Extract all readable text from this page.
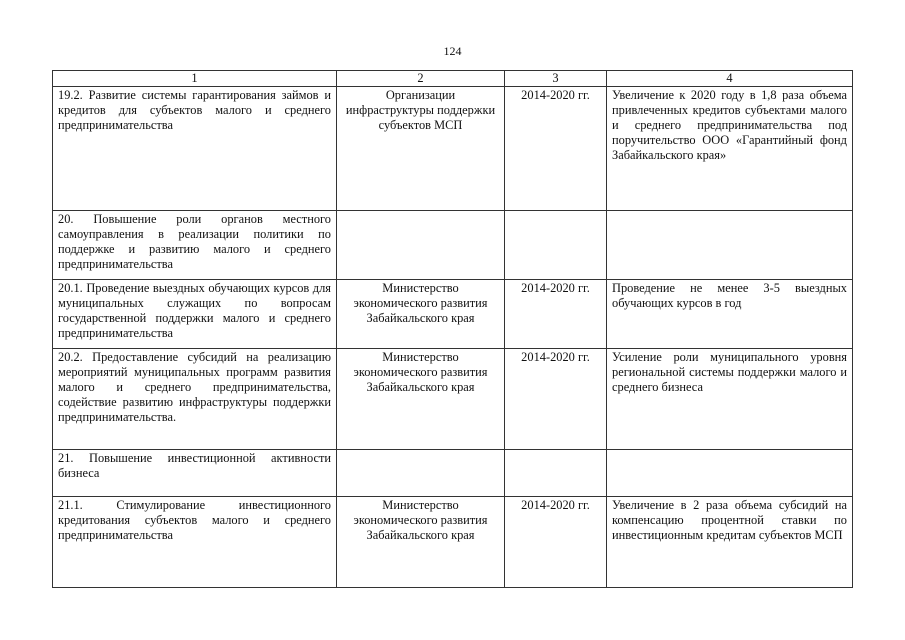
124
1	2	3	4
19.2. Развитие системы гарантирования займов и кредитов для субъектов малого и среднего предпринимательства	Организации инфраструктуры поддержки субъектов МСП	2014-2020 гг.	Увеличение к 2020 году в 1,8 раза объема привлеченных кредитов субъектами малого и среднего предпринимательства под поручительство ООО «Гарантийный фонд Забайкальского края»
20. Повышение роли органов местного самоуправления в реализации политики по поддержке и развитию малого и среднего предпринимательства			
20.1. Проведение выездных обучающих курсов для муниципальных служащих по вопросам государственной поддержки малого и среднего предпринимательства	Министерство экономического развития Забайкальского края	2014-2020 гг.	Проведение не менее 3-5 выездных обучающих курсов в год
20.2. Предоставление субсидий на реализацию мероприятий муниципальных программ развития малого и среднего предпринимательства, содействие развитию инфраструктуры поддержки предпринимательства.	Министерство экономического развития Забайкальского края	2014-2020 гг.	Усиление роли муниципального уровня региональной системы поддержки малого и среднего бизнеса
21. Повышение инвестиционной активности бизнеса			
21.1. Стимулирование инвестиционного кредитования субъектов малого и среднего предпринимательства	Министерство экономического развития Забайкальского края	2014-2020 гг.	Увеличение в 2 раза объема субсидий на компенсацию процентной ставки по инвестиционным кредитам субъектов МСП
